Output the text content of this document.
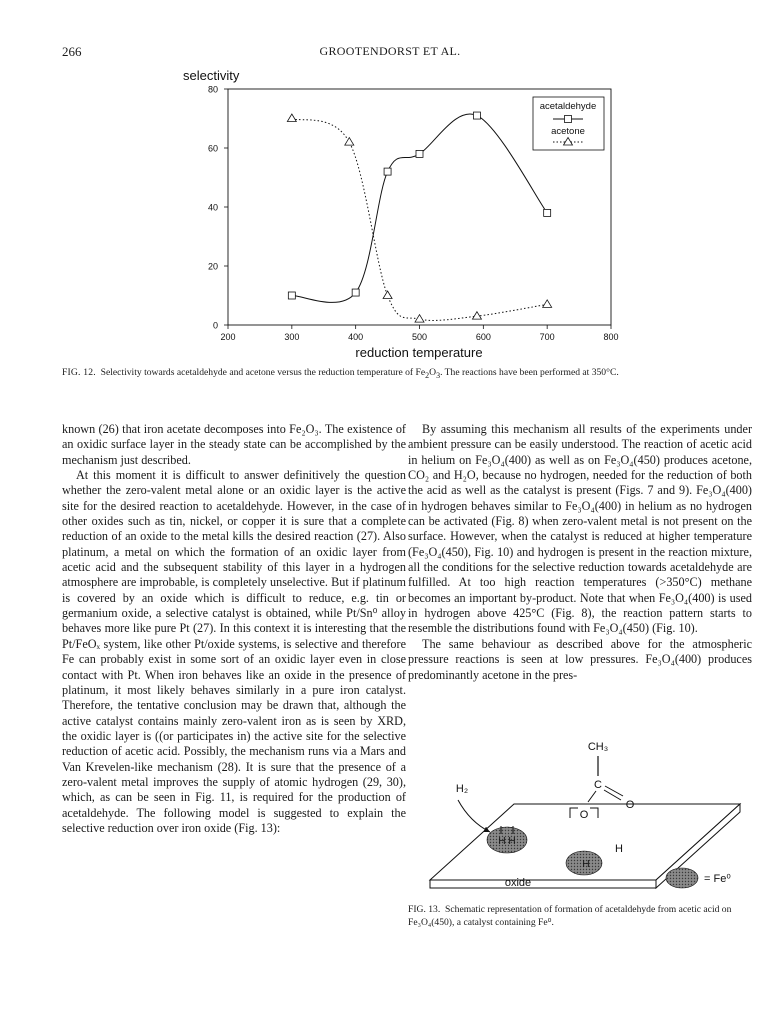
266	GROOTENDORST ET AL.
selectivity
reduction temperature
200	300	400	500	600	700	800
0
20
40
60
80
acetaldehyde
acetone
FIG. 12. Selectivity towards acetaldehyde and acetone versus the reduction temperature of $Fe_2O_3$. The reactions have been performed at 350°C.

known (26) that iron acetate decomposes into Fe₂O₃. The existence of an oxidic surface layer in the steady state can be accomplished by the mechanism just described.

At this moment it is difficult to answer definitively the question whether the zero-valent metal alone or an oxidic layer is the active site for the desired reaction to acetaldehyde. However, in the case of other oxides such as tin, nickel, or copper it is sure that a complete reduction of an oxide to the metal kills the desired reaction (27). Also platinum, a metal on which the formation of an oxidic layer from acetic acid and the subsequent stability of this layer in a hydrogen atmosphere are improbable, is completely unselective. But if platinum is covered by an oxide which is difficult to reduce, e.g. tin or germanium oxide, a selective catalyst is obtained, while Pt/Sn⁰ alloy behaves more like pure Pt (27). In this context it is interesting that the Pt/FeOₓ system, like other Pt/oxide systems, is selective and therefore Fe can probably exist in some sort of an oxidic layer even in close contact with Pt. When iron behaves like an oxide in the presence of platinum, it most likely behaves similarly in a pure iron catalyst. Therefore, the tentative conclusion may be drawn that, although the active catalyst contains mainly zero-valent iron as is seen by XRD, the oxidic layer is ((or participates in) the active site for the selective reduction of acetic acid. Possibly, the mechanism runs via a Mars and Van Krevelen-like mechanism (28). It is sure that the presence of a zero-valent metal improves the supply of atomic hydrogen (29, 30), which, as can be seen in Fig. 11, is required for the production of acetaldehyde. The following model is suggested to explain the selective reduction over iron oxide (Fig. 13):

By assuming this mechanism all results of the experiments under ambient pressure can be easily understood. The reaction of acetic acid in helium on Fe₃O₄(400) as well as on Fe₃O₄(450) produces acetone, CO₂ and H₂O, because no hydrogen, needed for the reduction of both the acid as well as the catalyst is present (Figs. 7 and 9). Fe₃O₄(400) in hydrogen behaves similar to Fe₃O₄(400) in helium as no hydrogen can be activated (Fig. 8) when zero-valent metal is not present on the surface. However, when the catalyst is reduced at higher temperature (Fe₃O₄(450), Fig. 10) and hydrogen is present in the reaction mixture, all the conditions for the selective reduction towards acetaldehyde are fulfilled. At too high reaction temperatures (>350°C) methane becomes an important by-product. Note that when Fe₃O₄(400) is used in hydrogen above 425°C (Fig. 8), the reaction pattern starts to resemble the distributions found with Fe₃O₄(450) (Fig. 10).

The same behaviour as described above for the atmospheric pressure reactions is seen at low pressures. Fe₃O₄(400) produces predominantly acetone in the pres-

oxide
H H
H
H₂
CH₃
C
O
O
H
= Fe⁰
FIG. 13. Schematic representation of formation of acetaldehyde from acetic acid on Fe₃O₄(450), a catalyst containing Fe⁰.
